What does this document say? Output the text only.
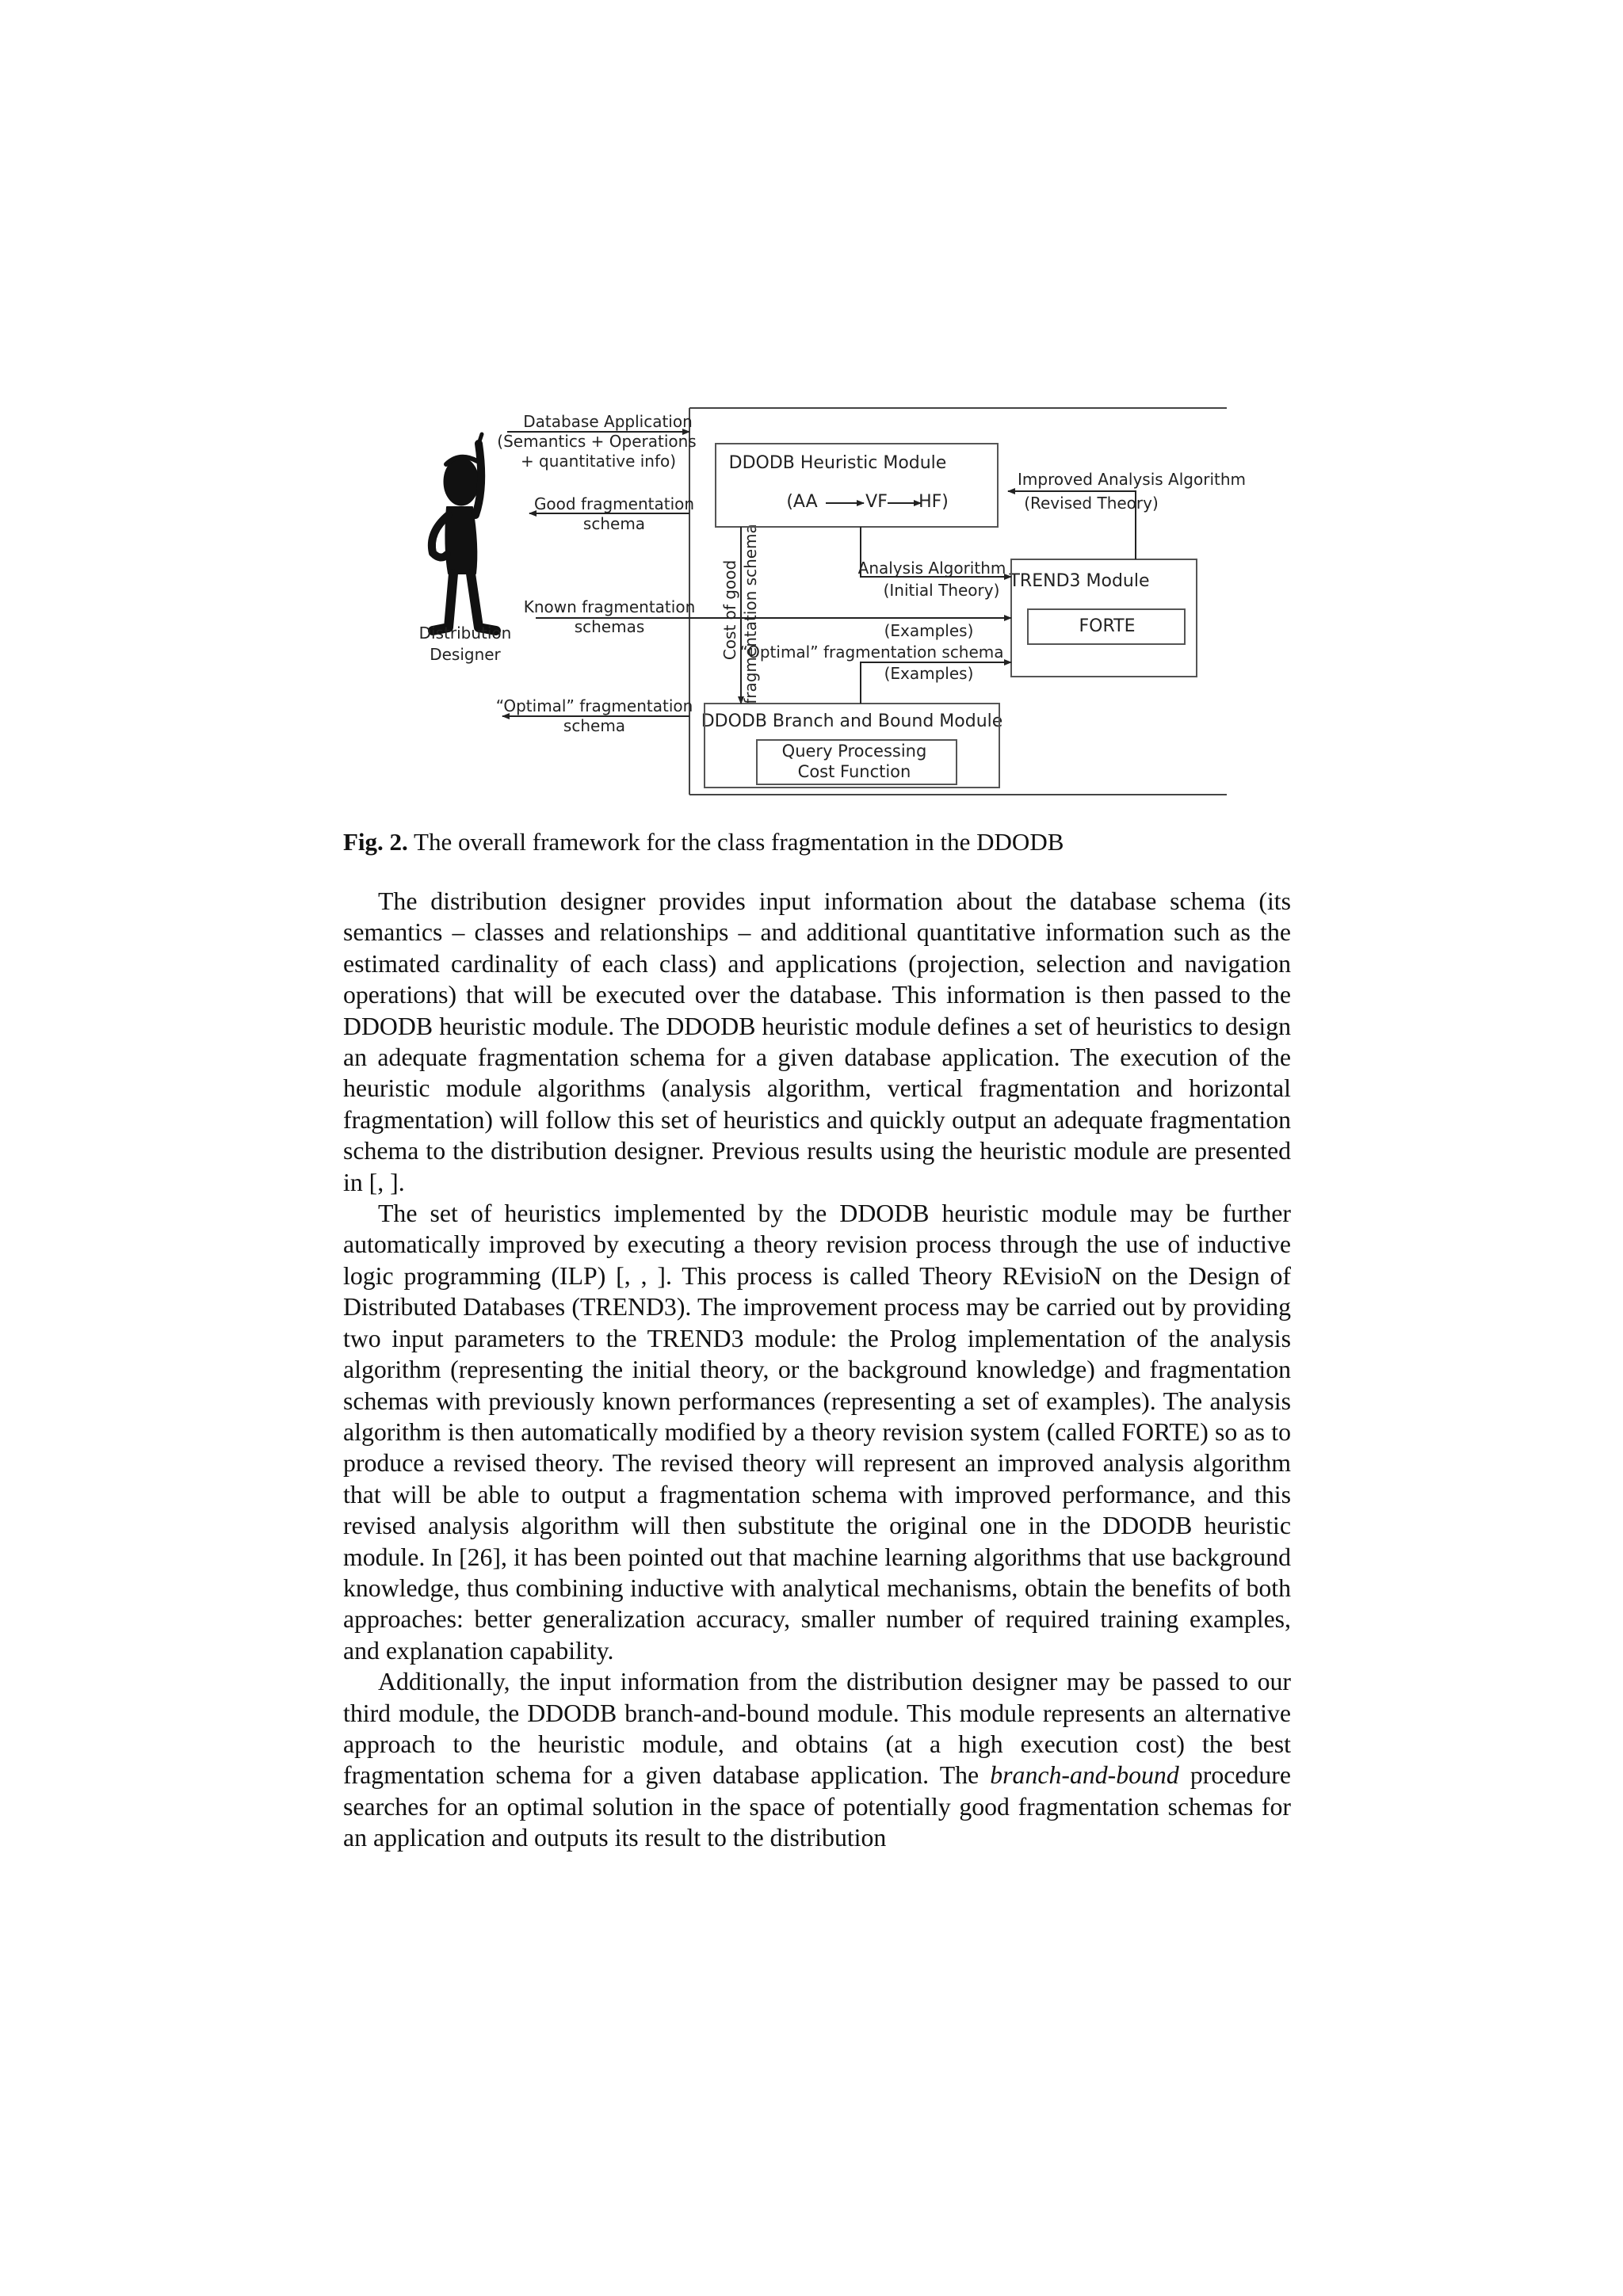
Distribution
Designer
Database Application
(Semantics + Operations
+ quantitative info)
Good fragmentation
schema
Known fragmentation
schemas
“Optimal” fragmentation
schema
DDODB Heuristic Module
(AA	VF HF)
Improved Analysis Algorithm
(Revised Theory)
Analysis Algorithm
(Initial Theory)
(Examples)
“Optimal” fragmentation schema
(Examples)
TREND3 Module
FORTE
DDODB Branch and Bound Module
Query Processing
Cost Function
Cost of good fragmentation schema

Fig. 2. The overall framework for the class fragmentation in the DDODB

The distribution designer provides input information about the database schema (its semantics – classes and relationships – and additional quantitative information such as the estimated cardinality of each class) and applications (projection, selection and navigation operations) that will be executed over the database. This information is then passed to the DDODB heuristic module. The DDODB heuristic module defines a set of heuristics to design an adequate fragmentation schema for a given database application. The execution of the heuristic module algorithms (analysis algorithm, vertical fragmentation and horizontal fragmentation) will follow this set of heuristics and quickly output an adequate fragmentation schema to the distribution designer. Previous results using the heuristic module are presented in [, ].

The set of heuristics implemented by the DDODB heuristic module may be further automatically improved by executing a theory revision process through the use of inductive logic programming (ILP) [, , ]. This process is called Theory REvisioN on the Design of Distributed Databases (TREND3). The improvement process may be carried out by providing two input parameters to the TREND3 module: the Prolog implementation of the analysis algorithm (representing the initial theory, or the background knowledge) and fragmentation schemas with previously known performances (representing a set of examples). The analysis algorithm is then automatically modified by a theory revision system (called FORTE) so as to produce a revised theory. The revised theory will represent an improved analysis algorithm that will be able to output a fragmentation schema with improved performance, and this revised analysis algorithm will then substitute the original one in the DDODB heuristic module. In [26], it has been pointed out that machine learning algorithms that use background knowledge, thus combining inductive with analytical mechanisms, obtain the benefits of both approaches: better generalization accuracy, smaller number of required training examples, and explanation capability.

Additionally, the input information from the distribution designer may be passed to our third module, the DDODB branch-and-bound module. This module represents an alternative approach to the heuristic module, and obtains (at a high execution cost) the best fragmentation schema for a given database application. The branch-and-bound procedure searches for an optimal solution in the space of potentially good fragmentation schemas for an application and outputs its result to the distribution
